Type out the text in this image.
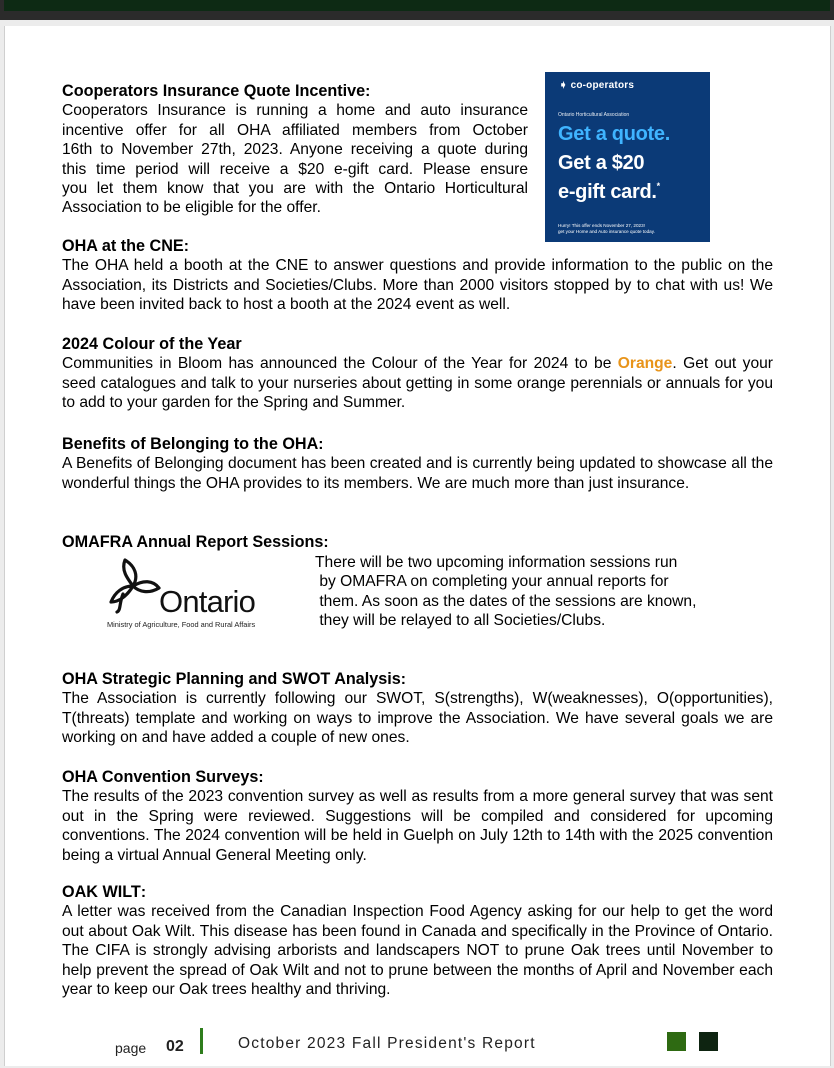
➧ co-operators
Ontario Horticultural Association
Get a quote.
Get a $20
e-gift card.*
Hurry! This offer ends November 27, 2023!
get your Home and Auto insurance quote today.
Cooperators Insurance Quote Incentive:

Cooperators Insurance is running a home and auto insurance

incentive offer for all OHA affiliated members from October

16th to November 27th, 2023. Anyone receiving a quote during

this time period will receive a $20 e-gift card. Please ensure

you let them know that you are with the Ontario Horticultural

Association to be eligible for the offer.

OHA at the CNE:

The OHA held a booth at the CNE to answer questions and provide information to the public on the Association, its Districts and Societies/Clubs. More than 2000 visitors stopped by to chat with us! We have been invited back to host a booth at the 2024 event as well.

2024 Colour of the Year

Communities in Bloom has announced the Colour of the Year for 2024 to be Orange. Get out your seed catalogues and talk to your nurseries about getting in some orange perennials or annuals for you to add to your garden for the Spring and Summer.

Benefits of Belonging to the OHA:

A Benefits of Belonging document has been created and is currently being updated to showcase all the wonderful things the OHA provides to its members. We are much more than just insurance.

OMAFRA Annual Report Sessions:
Ontario
Ministry of Agriculture, Food and Rural Affairs
There will be two upcoming information sessions run
by OMAFRA on completing your annual reports for
them. As soon as the dates of the sessions are known,
they will be relayed to all Societies/Clubs.
OHA Strategic Planning and SWOT Analysis:

The Association is currently following our SWOT, S(strengths), W(weaknesses), O(opportunities), T(threats) template and working on ways to improve the Association. We have several goals we are working on and have added a couple of new ones.

OHA Convention Surveys:

The results of the 2023 convention survey as well as results from a more general survey that was sent out in the Spring were reviewed. Suggestions will be compiled and considered for upcoming conventions. The 2024 convention will be held in Guelph on July 12th to 14th with the 2025 convention being a virtual Annual General Meeting only.

OAK WILT:

A letter was received from the Canadian Inspection Food Agency asking for our help to get the word out about Oak Wilt. This disease has been found in Canada and specifically in the Province of Ontario. The CIFA is strongly advising arborists and landscapers NOT to prune Oak trees until November to help prevent the spread of Oak Wilt and not to prune between the months of April and November each year to keep our Oak trees healthy and thriving.

page 02	October 2023 Fall President's Report
